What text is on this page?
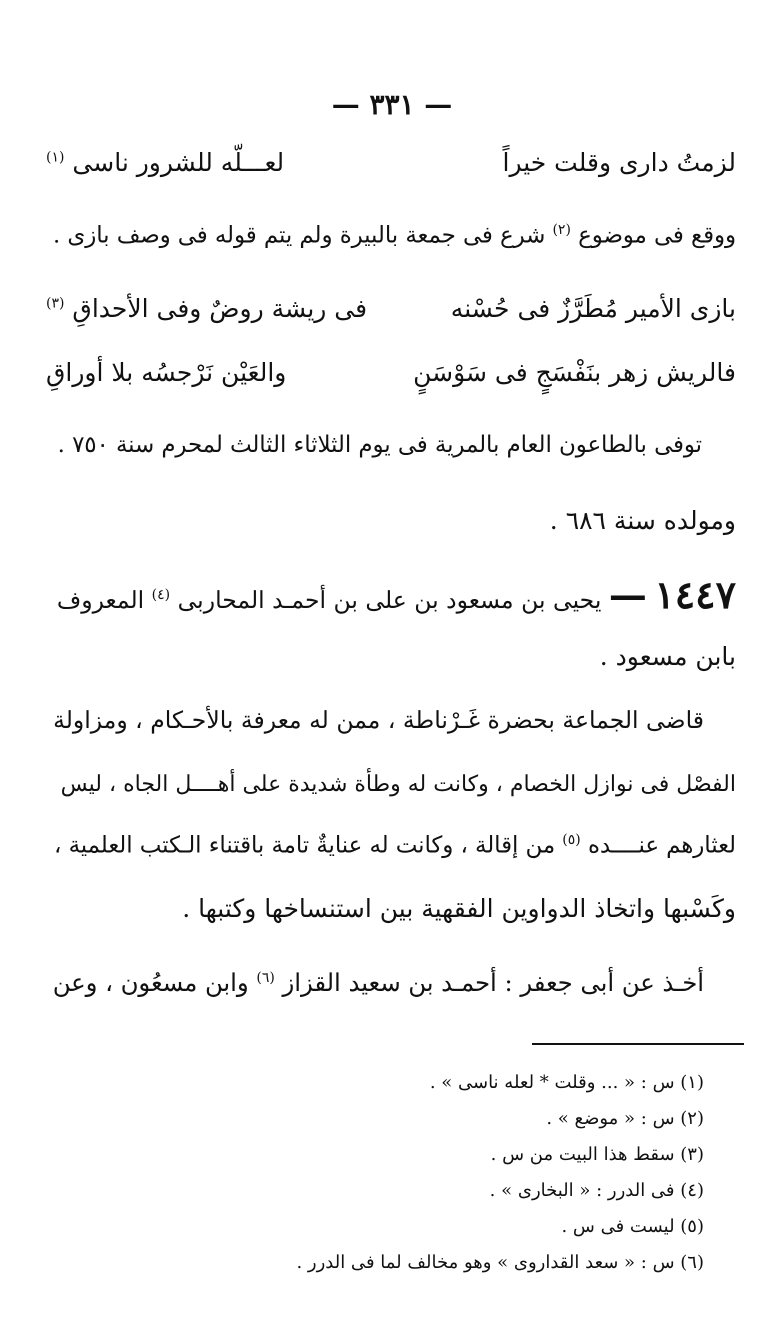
— ٣٣١ —
لزمتُ داری وقلت خیراً
لعـــلّه للشرور ناسی $^{(١)}$
ووقع فی موضوع $^{(٢)}$ شرع فی جمعة بالبیرة ولم یتم قوله فی وصف بازی .
بازی الأمیر مُطَرَّزٌ فی حُسْنه
فی ریشة روضٌ وفی الأحداقِ $^{(٣)}$
فالریش زهر بنَفْسَجٍ فی سَوْسَنٍ
والعَیْن نَرْجسُه بلا أوراقِ
توفی بالطاعون العام بالمریة فی یوم الثلاثاء الثالث لمحرم سنة ٧٥٠ .
ومولده سنة ٦٨٦ .
١٤٤٧ — یحیی بن مسعود بن علی بن أحمـد المحاربی $^{(٤)}$ المعروف
بابن مسعود .
قاضی الجماعة بحضرة غَـرْناطة ، ممن له معرفة بالأحـكام ، ومزاولة
الفصْل فی نوازل الخصام ، وكانت له وطأة شدیدة علی أهــــل الجاه ، لیس
لعثارهم عنــــده $^{(٥)}$ من إقالة ، وكانت له عنایةٌ تامة باقتناء الـكتب العلمیة ،
وكَسْبها واتخاذ الدواوین الفقهیة بین استنساخها وكتبها .
أخـذ عن أبی جعفر : أحمـد بن سعید القزاز $^{(٦)}$ وابن مسعُون ، وعن
(١) س : « ... وقلت * لعله ناسی » .
(٢) س : « موضع » .
(٣) سقط هذا البیت من س .
(٤) فی الدرر : « البخاری » .
(٥) لیست فی س .
(٦) س : « سعد القداروی » وهو مخالف لما فی الدرر .
